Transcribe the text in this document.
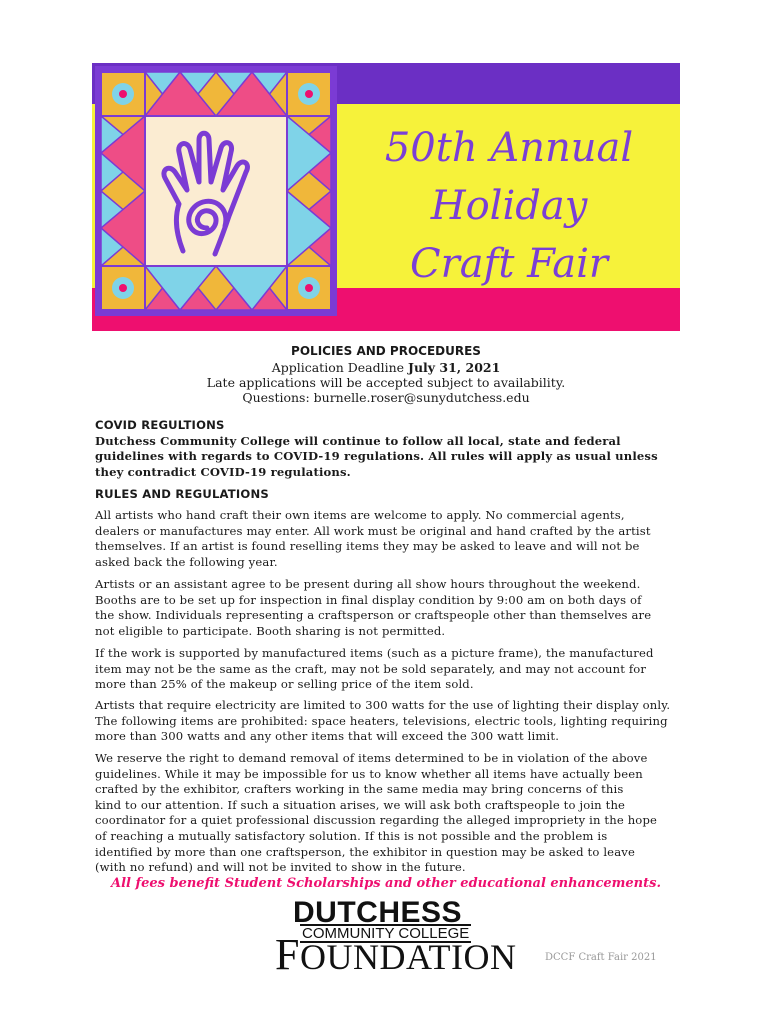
50th Annual
Holiday
Craft Fair
POLICIES AND PROCEDURES
Application Deadline July 31, 2021
Late applications will be accepted subject to availability.
Questions: burnelle.roser@sunydutchess.edu
COVID REGULTIONS
Dutchess Community College will continue to follow all local, state and federal
guidelines with regards to COVID-19 regulations. All rules will apply as usual unless
they contradict COVID-19 regulations.
RULES AND REGULATIONS
All artists who hand craft their own items are welcome to apply. No commercial agents,
dealers or manufactures may enter. All work must be original and hand crafted by the artist
themselves. If an artist is found reselling items they may be asked to leave and will not be
asked back the following year.
Artists or an assistant agree to be present during all show hours throughout the weekend.
Booths are to be set up for inspection in final display condition by 9:00 am on both days of
the show. Individuals representing a craftsperson or craftspeople other than themselves are
not eligible to participate. Booth sharing is not permitted.
If the work is supported by manufactured items (such as a picture frame), the manufactured
item may not be the same as the craft, may not be sold separately, and may not account for
more than 25% of the makeup or selling price of the item sold.
Artists that require electricity are limited to 300 watts for the use of lighting their display only.
The following items are prohibited: space heaters, televisions, electric tools, lighting requiring
more than 300 watts and any other items that will exceed the 300 watt limit.
We reserve the right to demand removal of items determined to be in violation of the above
guidelines. While it may be impossible for us to know whether all items have actually been
crafted by the exhibitor, crafters working in the same media may bring concerns of this
kind to our attention. If such a situation arises, we will ask both craftspeople to join the
coordinator for a quiet professional discussion regarding the alleged impropriety in the hope
of reaching a mutually satisfactory solution. If this is not possible and the problem is
identified by more than one craftsperson, the exhibitor in question may be asked to leave
(with no refund) and will not be invited to show in the future.
All fees benefit Student Scholarships and other educational enhancements.
DUTCHESS
COMMUNITY COLLEGE
FOUNDATION	DCCF Craft Fair 2021
